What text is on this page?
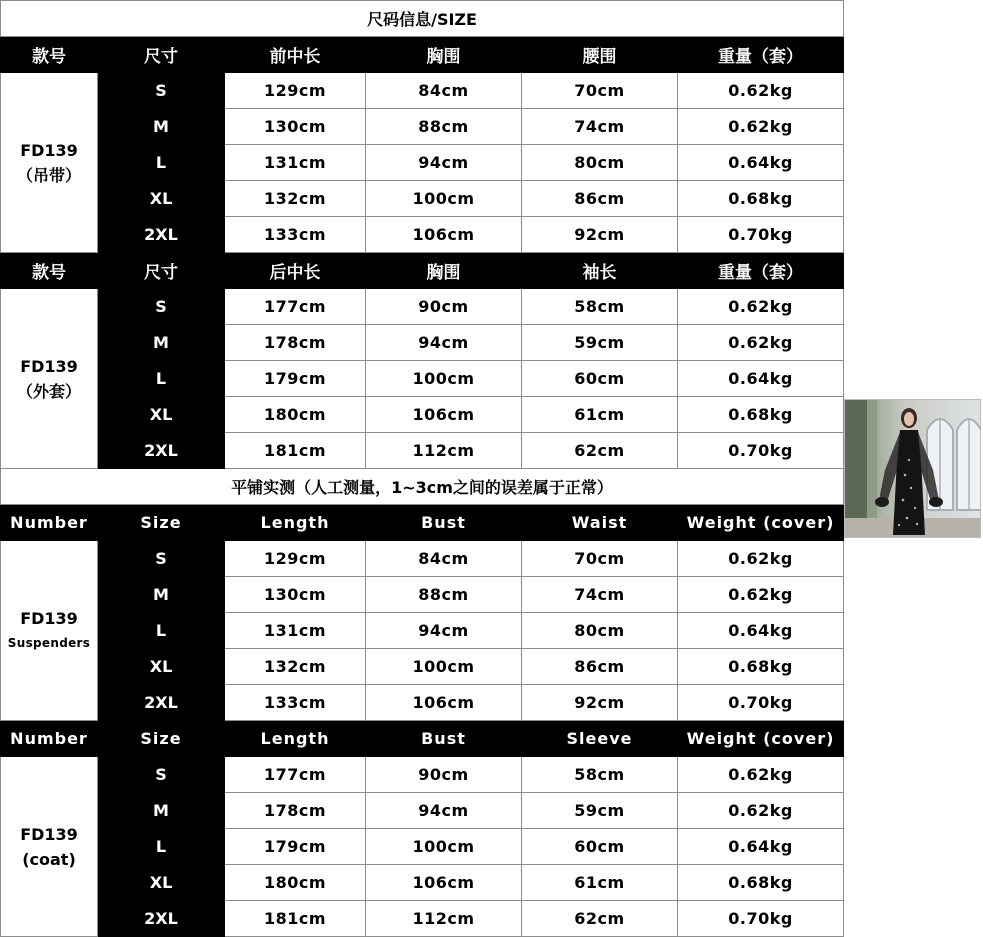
尺码信息/SIZE					
款号	尺寸	前中长	胸围	腰围	重量（套）

FD139
（吊带）	S	129cm	84cm	70cm	0.62kg
	M	130cm	88cm	74cm	0.62kg
	L	131cm	94cm	80cm	0.64kg
	XL	132cm	100cm	86cm	0.68kg
	2XL	133cm	106cm	92cm	0.70kg
款号	尺寸	后中长	胸围	袖长	重量（套）

FD139
（外套）	S	177cm	90cm	58cm	0.62kg
	M	178cm	94cm	59cm	0.62kg
	L	179cm	100cm	60cm	0.64kg
	XL	180cm	106cm	61cm	0.68kg
	2XL	181cm	112cm	62cm	0.70kg
平铺实测（人工测量，1~3cm之间的误差属于正常）					
Number	Size	Length	Bust	Waist	Weight (cover)

FD139
Suspenders	S	129cm	84cm	70cm	0.62kg
	M	130cm	88cm	74cm	0.62kg
	L	131cm	94cm	80cm	0.64kg
	XL	132cm	100cm	86cm	0.68kg
	2XL	133cm	106cm	92cm	0.70kg
Number	Size	Length	Bust	Sleeve	Weight (cover)

FD139
(coat)	S	177cm	90cm	58cm	0.62kg
	M	178cm	94cm	59cm	0.62kg
	L	179cm	100cm	60cm	0.64kg
	XL	180cm	106cm	61cm	0.68kg
	2XL	181cm	112cm	62cm	0.70kg
